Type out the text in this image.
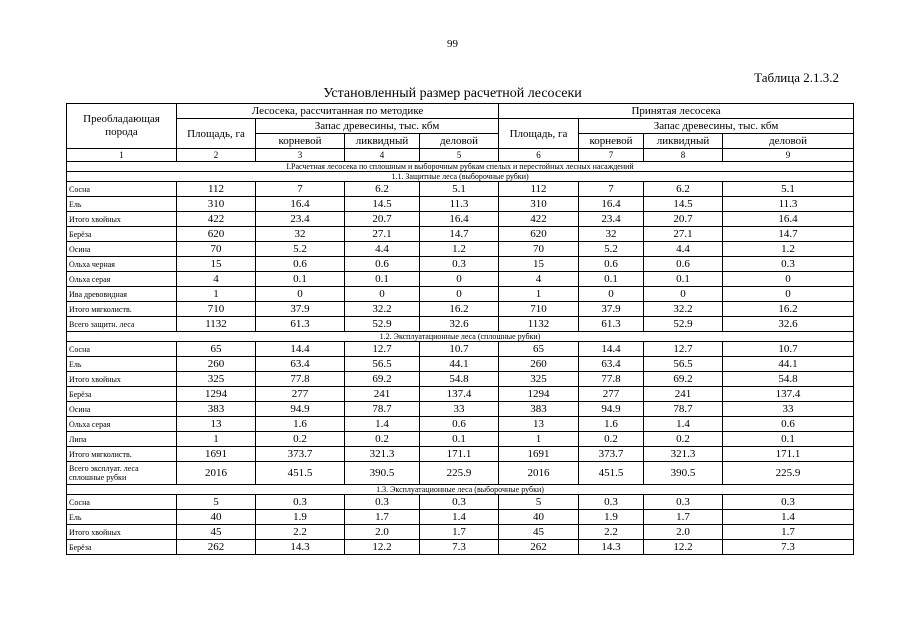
99
Таблица 2.1.3.2
Установленный размер расчетной лесосеки
Преобладающая порода	Лесосека, рассчитанная по методике				Принятая лесосека			
	Площадь, га	Запас древесины, тыс. кбм			Площадь, га	Запас древесины, тыс. кбм		
		корневой	ликвидный	деловой		корневой	ликвидный	деловой
1	2	3	4	5	6	7	8	9
I.Расчетная лесосека по сплошным и выборочным рубкам спелых и перестойных лесных насаждений								
1.1. Защитные леса (выборочные рубки)								
Сосна	112	7	6.2	5.1	112	7	6.2	5.1
Ель	310	16.4	14.5	11.3	310	16.4	14.5	11.3
Итого хвойных	422	23.4	20.7	16.4	422	23.4	20.7	16.4
Берёза	620	32	27.1	14.7	620	32	27.1	14.7
Осина	70	5.2	4.4	1.2	70	5.2	4.4	1.2
Ольха черная	15	0.6	0.6	0.3	15	0.6	0.6	0.3
Ольха серая	4	0.1	0.1	0	4	0.1	0.1	0
Ива древовидная	1	0	0	0	1	0	0	0
Итого мягколиств.	710	37.9	32.2	16.2	710	37.9	32.2	16.2
Всего защитн. леса	1132	61.3	52.9	32.6	1132	61.3	52.9	32.6
1.2. Эксплуатационные леса (сплошные рубки)								
Сосна	65	14.4	12.7	10.7	65	14.4	12.7	10.7
Ель	260	63.4	56.5	44.1	260	63.4	56.5	44.1
Итого хвойных	325	77.8	69.2	54.8	325	77.8	69.2	54.8
Берёза	1294	277	241	137.4	1294	277	241	137.4
Осина	383	94.9	78.7	33	383	94.9	78.7	33
Ольха серая	13	1.6	1.4	0.6	13	1.6	1.4	0.6
Липа	1	0.2	0.2	0.1	1	0.2	0.2	0.1
Итого мягколиств.	1691	373.7	321.3	171.1	1691	373.7	321.3	171.1
Всего эксплуат. леса сплошные рубки	2016	451.5	390.5	225.9	2016	451.5	390.5	225.9
1.3. Эксплуатационные леса (выборочные рубки)								
Сосна	5	0.3	0.3	0.3	5	0.3	0.3	0.3
Ель	40	1.9	1.7	1.4	40	1.9	1.7	1.4
Итого хвойных	45	2.2	2.0	1.7	45	2.2	2.0	1.7
Берёза	262	14.3	12.2	7.3	262	14.3	12.2	7.3
